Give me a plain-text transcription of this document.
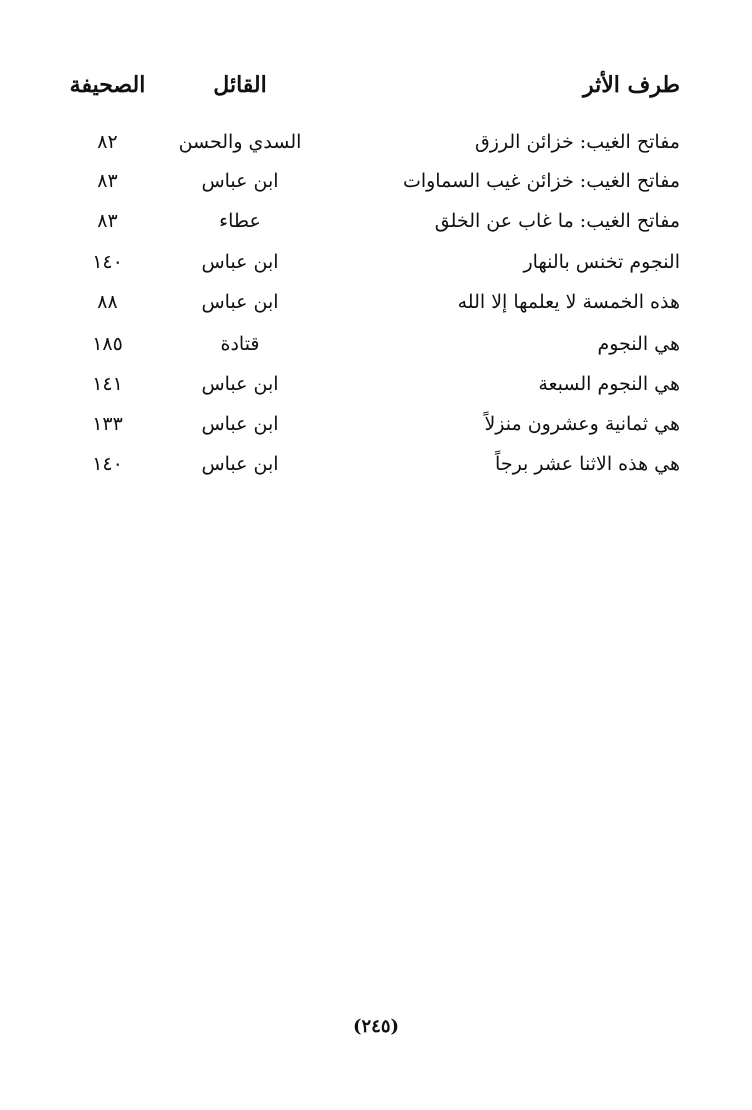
طرف الأثر
القائل
الصحيفة
مفاتح الغيب: خزائن الرزق
السدي والحسن
٨٢
مفاتح الغيب: خزائن غيب السماوات
ابن عباس
٨٣
مفاتح الغيب: ما غاب عن الخلق
عطاء
٨٣
النجوم تخنس بالنهار
ابن عباس
١٤٠
هذه الخمسة لا يعلمها إلا الله
ابن عباس
٨٨
هي النجوم
قتادة
١٨٥
هي النجوم السبعة
ابن عباس
١٤١
هي ثمانية وعشرون منزلاً
ابن عباس
١٣٣
هي هذه الاثنا عشر برجاً
ابن عباس
١٤٠
(٢٤٥)
